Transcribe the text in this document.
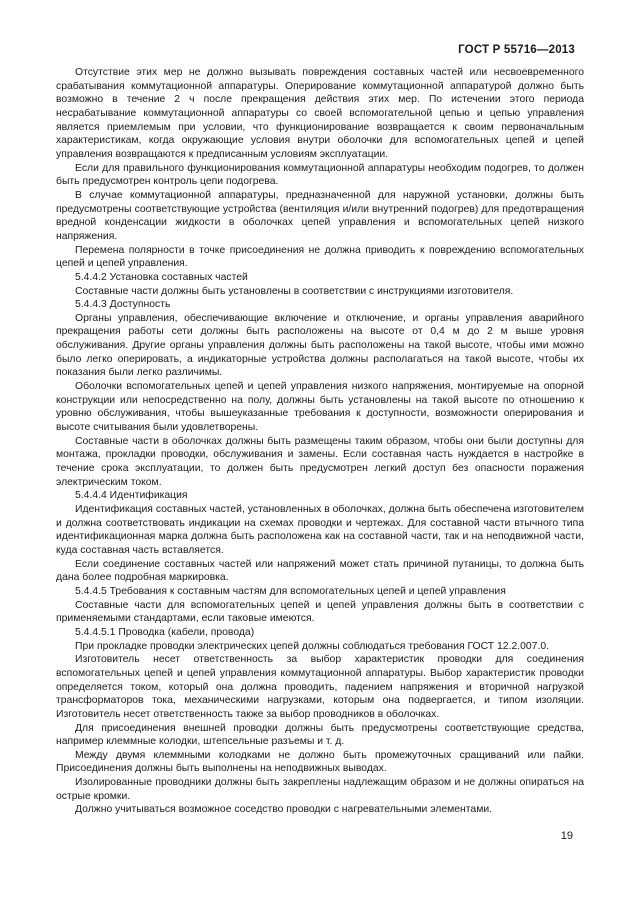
ГОСТ Р 55716—2013

Отсутствие этих мер не должно вызывать повреждения составных частей или несвоевременного срабатывания коммутационной аппаратуры. Оперирование коммутационной аппаратурой должно быть возможно в течение 2 ч после прекращения действия этих мер. По истечении этого периода несрабатывание коммутационной аппаратуры со своей вспомогательной цепью и цепью управления является приемлемым при условии, что функционирование возвращается к своим первоначальным характеристикам, когда окружающие условия внутри оболочки для вспомогательных цепей и цепей управления возвращаются к предписанным условиям эксплуатации.

Если для правильного функционирования коммутационной аппаратуры необходим подогрев, то должен быть предусмотрен контроль цепи подогрева.

В случае коммутационной аппаратуры, предназначенной для наружной установки, должны быть предусмотрены соответствующие устройства (вентиляция и/или внутренний подогрев) для предотвращения вредной конденсации жидкости в оболочках цепей управления и вспомогательных цепей низкого напряжения.

Перемена полярности в точке присоединения не должна приводить к повреждению вспомогательных цепей и цепей управления.

5.4.4.2 Установка составных частей

Составные части должны быть установлены в соответствии с инструкциями изготовителя.

5.4.4.3 Доступность

Органы управления, обеспечивающие включение и отключение, и органы управления аварийного прекращения работы сети должны быть расположены на высоте от 0,4 м до 2 м выше уровня обслуживания. Другие органы управления должны быть расположены на такой высоте, чтобы ими можно было легко оперировать, а индикаторные устройства должны располагаться на такой высоте, чтобы их показания были легко различимы.

Оболочки вспомогательных цепей и цепей управления низкого напряжения, монтируемые на опорной конструкции или непосредственно на полу, должны быть установлены на такой высоте по отношению к уровню обслуживания, чтобы вышеуказанные требования к доступности, возможности оперирования и высоте считывания были удовлетворены.

Составные части в оболочках должны быть размещены таким образом, чтобы они были доступны для монтажа, прокладки проводки, обслуживания и замены. Если составная часть нуждается в настройке в течение срока эксплуатации, то должен быть предусмотрен легкий доступ без опасности поражения электрическим током.

5.4.4.4 Идентификация

Идентификация составных частей, установленных в оболочках, должна быть обеспечена изготовителем и должна соответствовать индикации на схемах проводки и чертежах. Для составной части втычного типа идентификационная марка должна быть расположена как на составной части, так и на неподвижной части, куда составная часть вставляется.

Если соединение составных частей или напряжений может стать причиной путаницы, то должна быть дана более подробная маркировка.

5.4.4.5 Требования к составным частям для вспомогательных цепей и цепей управления

Составные части для вспомогательных цепей и цепей управления должны быть в соответствии с применяемыми стандартами, если таковые имеются.

5.4.4.5.1 Проводка (кабели, провода)

При прокладке проводки электрических цепей должны соблюдаться требования ГОСТ 12.2.007.0.

Изготовитель несет ответственность за выбор характеристик проводки для соединения вспомогательных цепей и цепей управления коммутационной аппаратуры. Выбор характеристик проводки определяется током, который она должна проводить, падением напряжения и вторичной нагрузкой трансформаторов тока, механическими нагрузками, которым она подвергается, и типом изоляции. Изготовитель несет ответственность также за выбор проводников в оболочках.

Для присоединения внешней проводки должны быть предусмотрены соответствующие средства, например клеммные колодки, штепсельные разъемы и т. д.

Между двумя клеммными колодками не должно быть промежуточных сращиваний или пайки. Присоединения должны быть выполнены на неподвижных выводах.

Изолированные проводники должны быть закреплены надлежащим образом и не должны опираться на острые кромки.

Должно учитываться возможное соседство проводки с нагревательными элементами.

19
